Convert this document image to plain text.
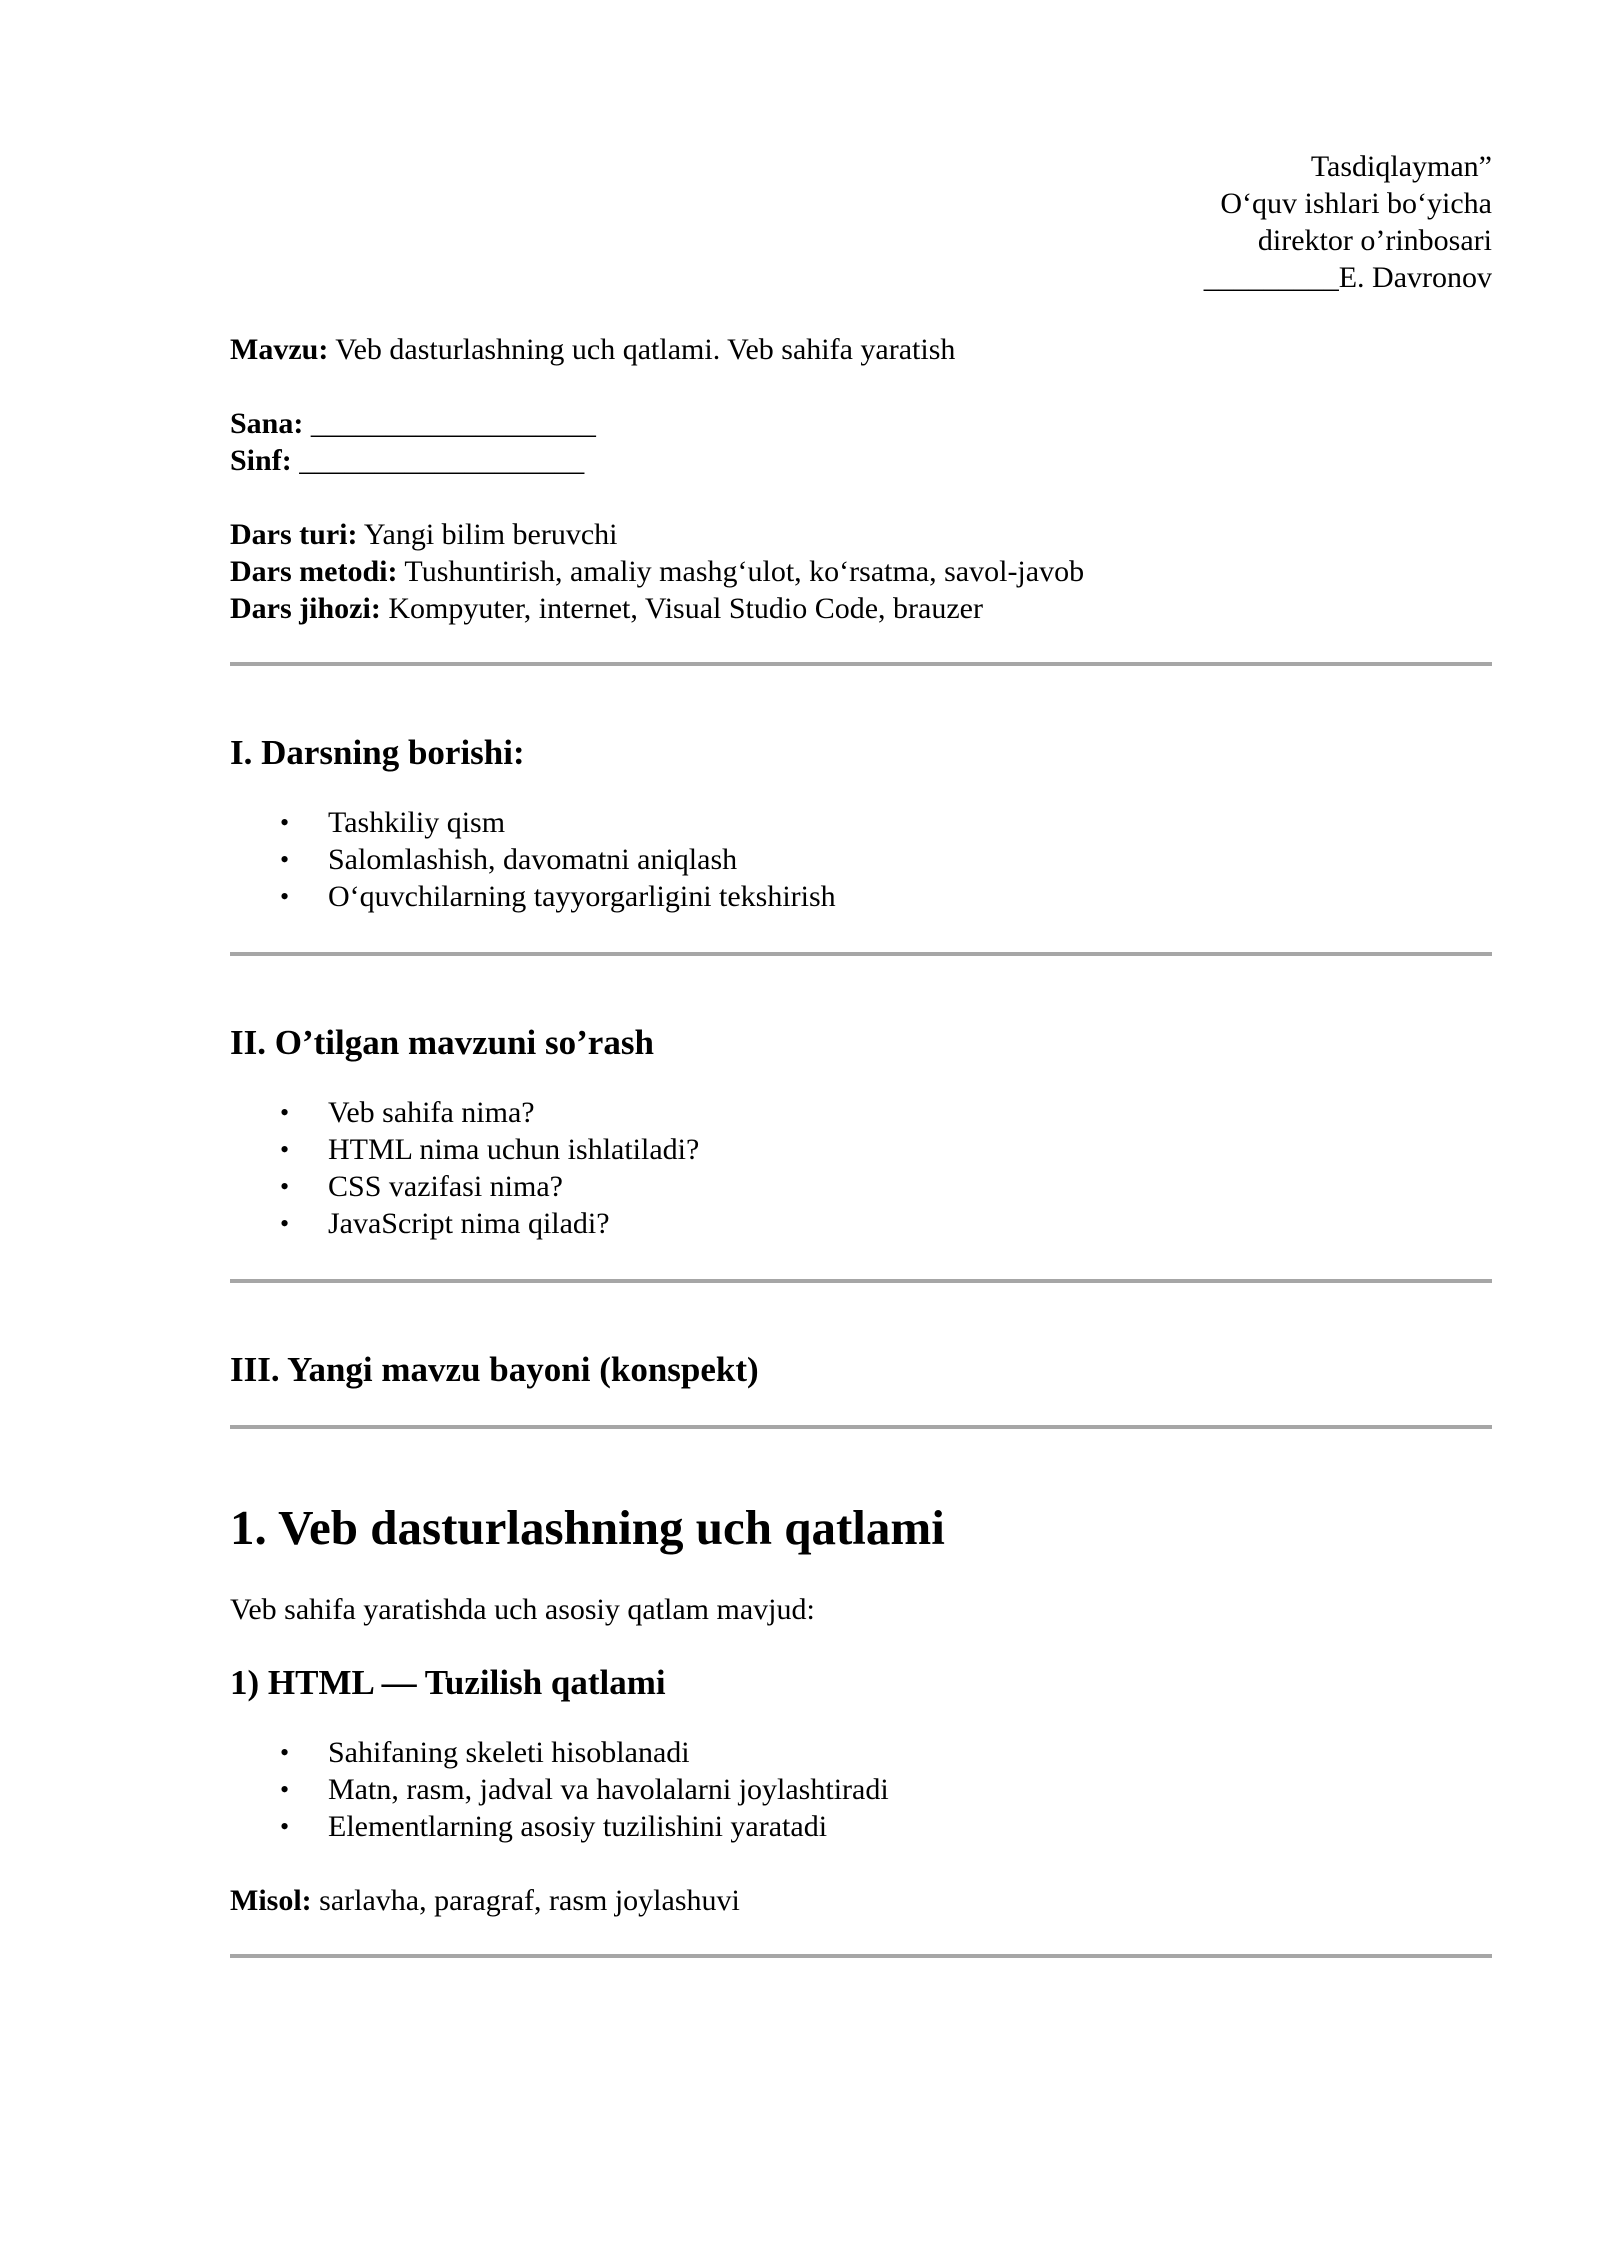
Tasdiqlayman”
O‘quv ishlari bo‘yicha
direktor o’rinbosari
_________E. Davronov
Mavzu: Veb dasturlashning uch qatlami. Veb sahifa yaratish
Sana: ___________________
Sinf: ___________________
Dars turi: Yangi bilim beruvchi
Dars metodi: Tushuntirish, amaliy mashg‘ulot, ko‘rsatma, savol-javob
Dars jihozi: Kompyuter, internet, Visual Studio Code, brauzer
I. Darsning borishi:
• Tashkiliy qism
• Salomlashish, davomatni aniqlash
• O‘quvchilarning tayyorgarligini tekshirish
II. O’tilgan mavzuni so’rash
• Veb sahifa nima?
• HTML nima uchun ishlatiladi?
• CSS vazifasi nima?
• JavaScript nima qiladi?
III. Yangi mavzu bayoni (konspekt)
1. Veb dasturlashning uch qatlami
Veb sahifa yaratishda uch asosiy qatlam mavjud:
1) HTML — Tuzilish qatlami
• Sahifaning skeleti hisoblanadi
• Matn, rasm, jadval va havolalarni joylashtiradi
• Elementlarning asosiy tuzilishini yaratadi
Misol: sarlavha, paragraf, rasm joylashuvi
